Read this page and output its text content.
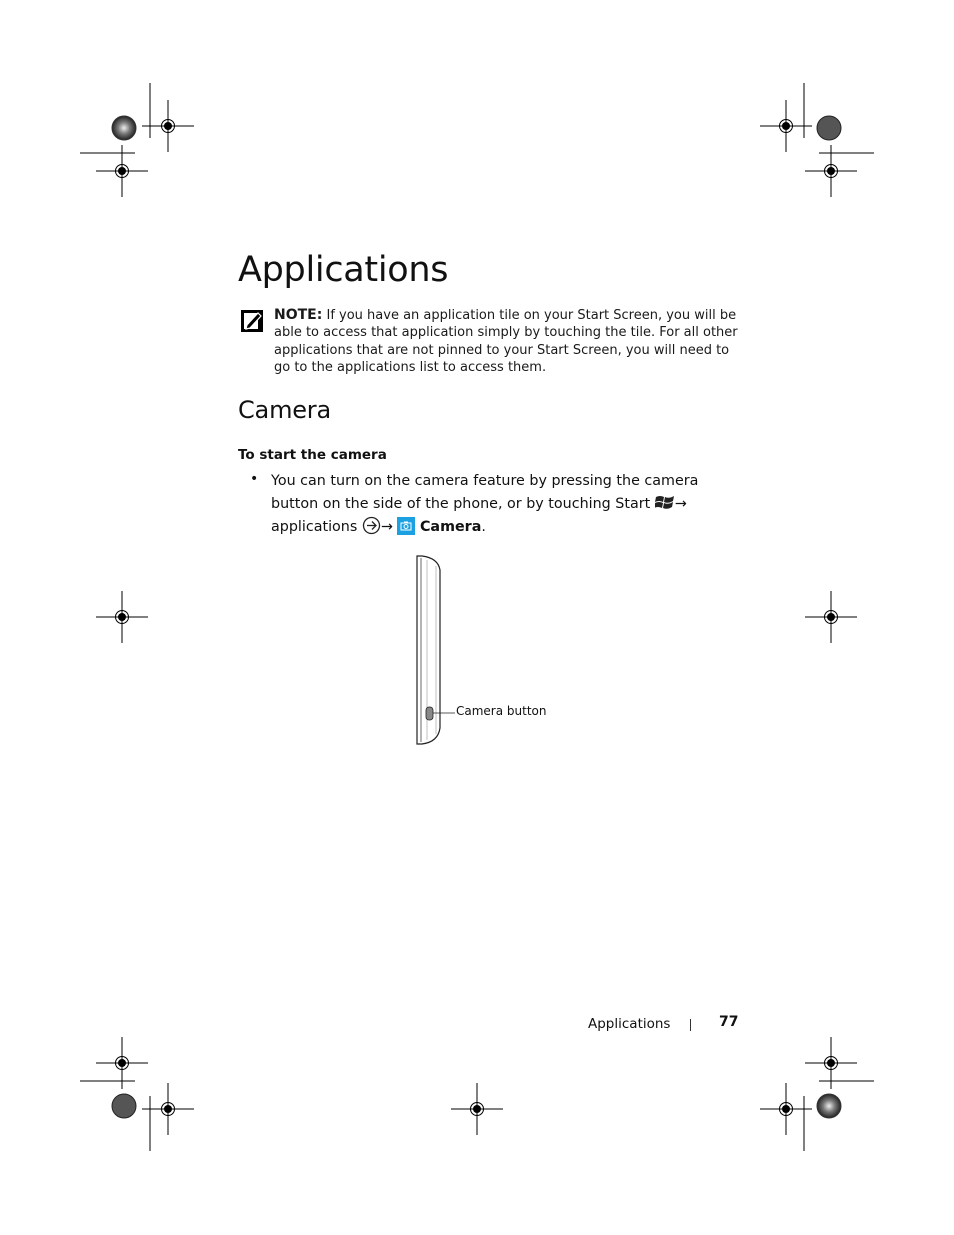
Applications
NOTE: If you have an application tile on your Start Screen, you will be able to access that application simply by touching the tile. For all other applications that are not pinned to your Start Screen, you will need to go to the applications list to access them.
Camera
To start the camera
• You can turn on the camera feature by pressing the camera button on the side of the phone, or by touching Start →
applications → Camera.
Camera button
Applications	77
